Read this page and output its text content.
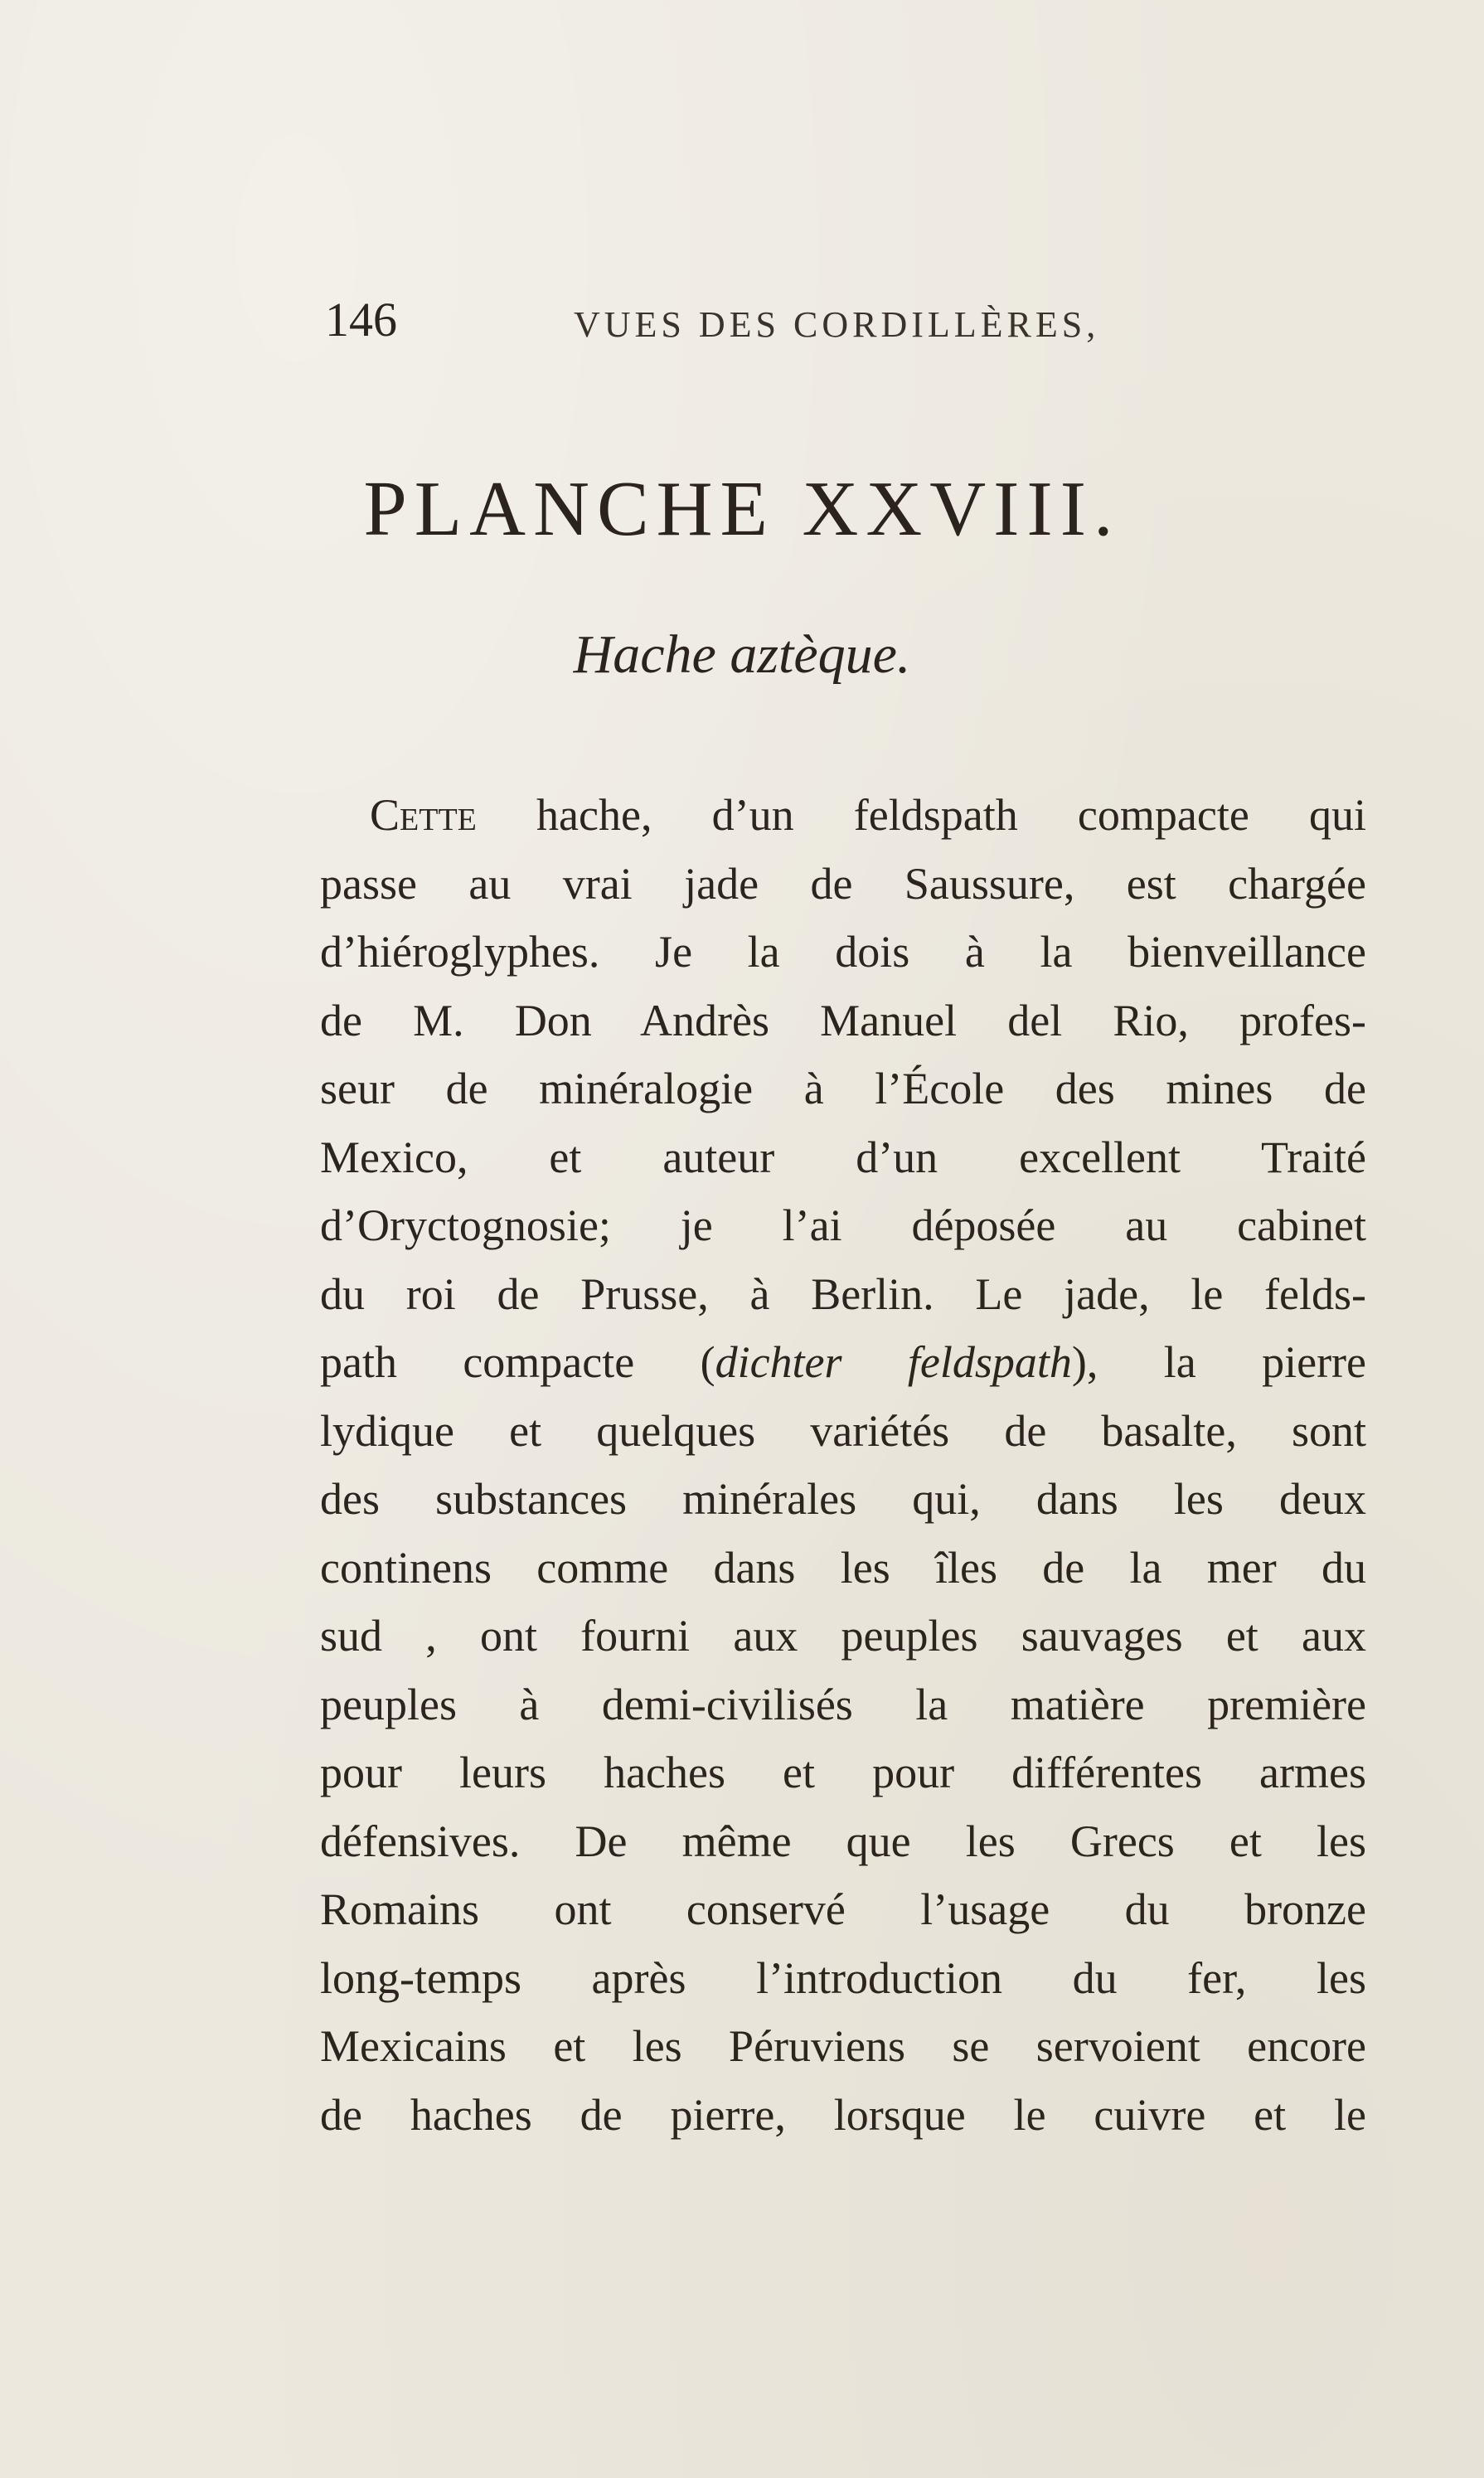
146	VUES DES CORDILLÈRES,
PLANCHE XXVIII.
Hache aztèque.
Cette hache, d’un feldspath compacte qui
passe au vrai jade de Saussure, est chargée
d’hiéroglyphes. Je la dois à la bienveillance
de M. Don Andrès Manuel del Rio, profes-
seur de minéralogie à l’École des mines de
Mexico, et auteur d’un excellent Traité
d’Oryctognosie; je l’ai déposée au cabinet
du roi de Prusse, à Berlin. Le jade, le felds-
path compacte (dichter feldspath), la pierre
lydique et quelques variétés de basalte, sont
des substances minérales qui, dans les deux
continens comme dans les îles de la mer du
sud , ont fourni aux peuples sauvages et aux
peuples à demi-civilisés la matière première
pour leurs haches et pour différentes armes
défensives. De même que les Grecs et les
Romains ont conservé l’usage du bronze
long-temps après l’introduction du fer, les
Mexicains et les Péruviens se servoient encore
de haches de pierre, lorsque le cuivre et le
